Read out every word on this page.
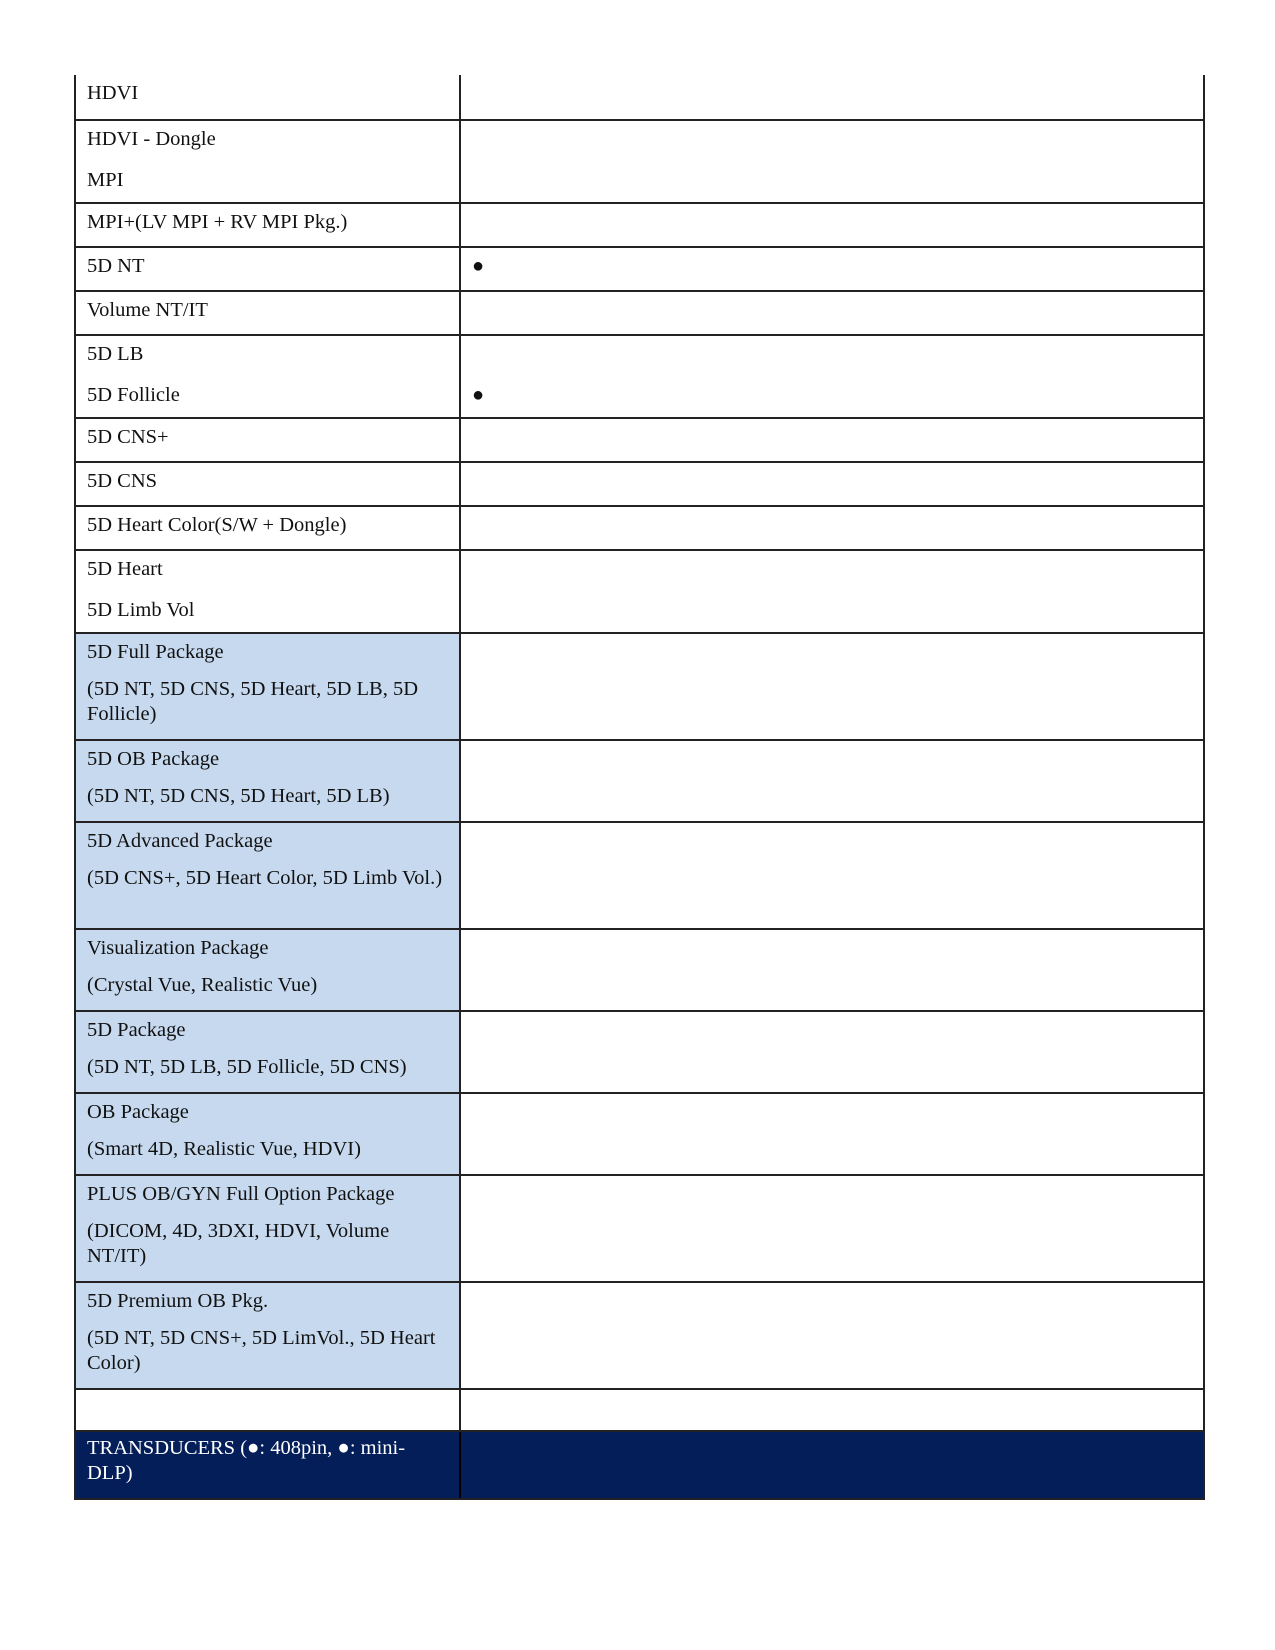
HDVI
HDVI - Dongle
MPI
MPI+(LV MPI + RV MPI Pkg.)
5D NT	●
Volume NT/IT
5D LB
5D Follicle	●
5D CNS+
5D CNS
5D Heart Color(S/W + Dongle)
5D Heart
5D Limb Vol
5D Full Package
(5D NT, 5D CNS, 5D Heart, 5D LB, 5D Follicle)
5D OB Package
(5D NT, 5D CNS, 5D Heart, 5D LB)
5D Advanced Package
(5D CNS+, 5D Heart Color, 5D Limb Vol.)
Visualization Package
(Crystal Vue, Realistic Vue)
5D Package
(5D NT, 5D LB, 5D Follicle, 5D CNS)
OB Package
(Smart 4D, Realistic Vue, HDVI)
PLUS OB/GYN Full Option Package
(DICOM, 4D, 3DXI, HDVI, Volume NT/IT)
5D Premium OB Pkg.
(5D NT, 5D CNS+, 5D LimVol., 5D Heart Color)
TRANSDUCERS (●: 408pin, ●: mini-DLP)
